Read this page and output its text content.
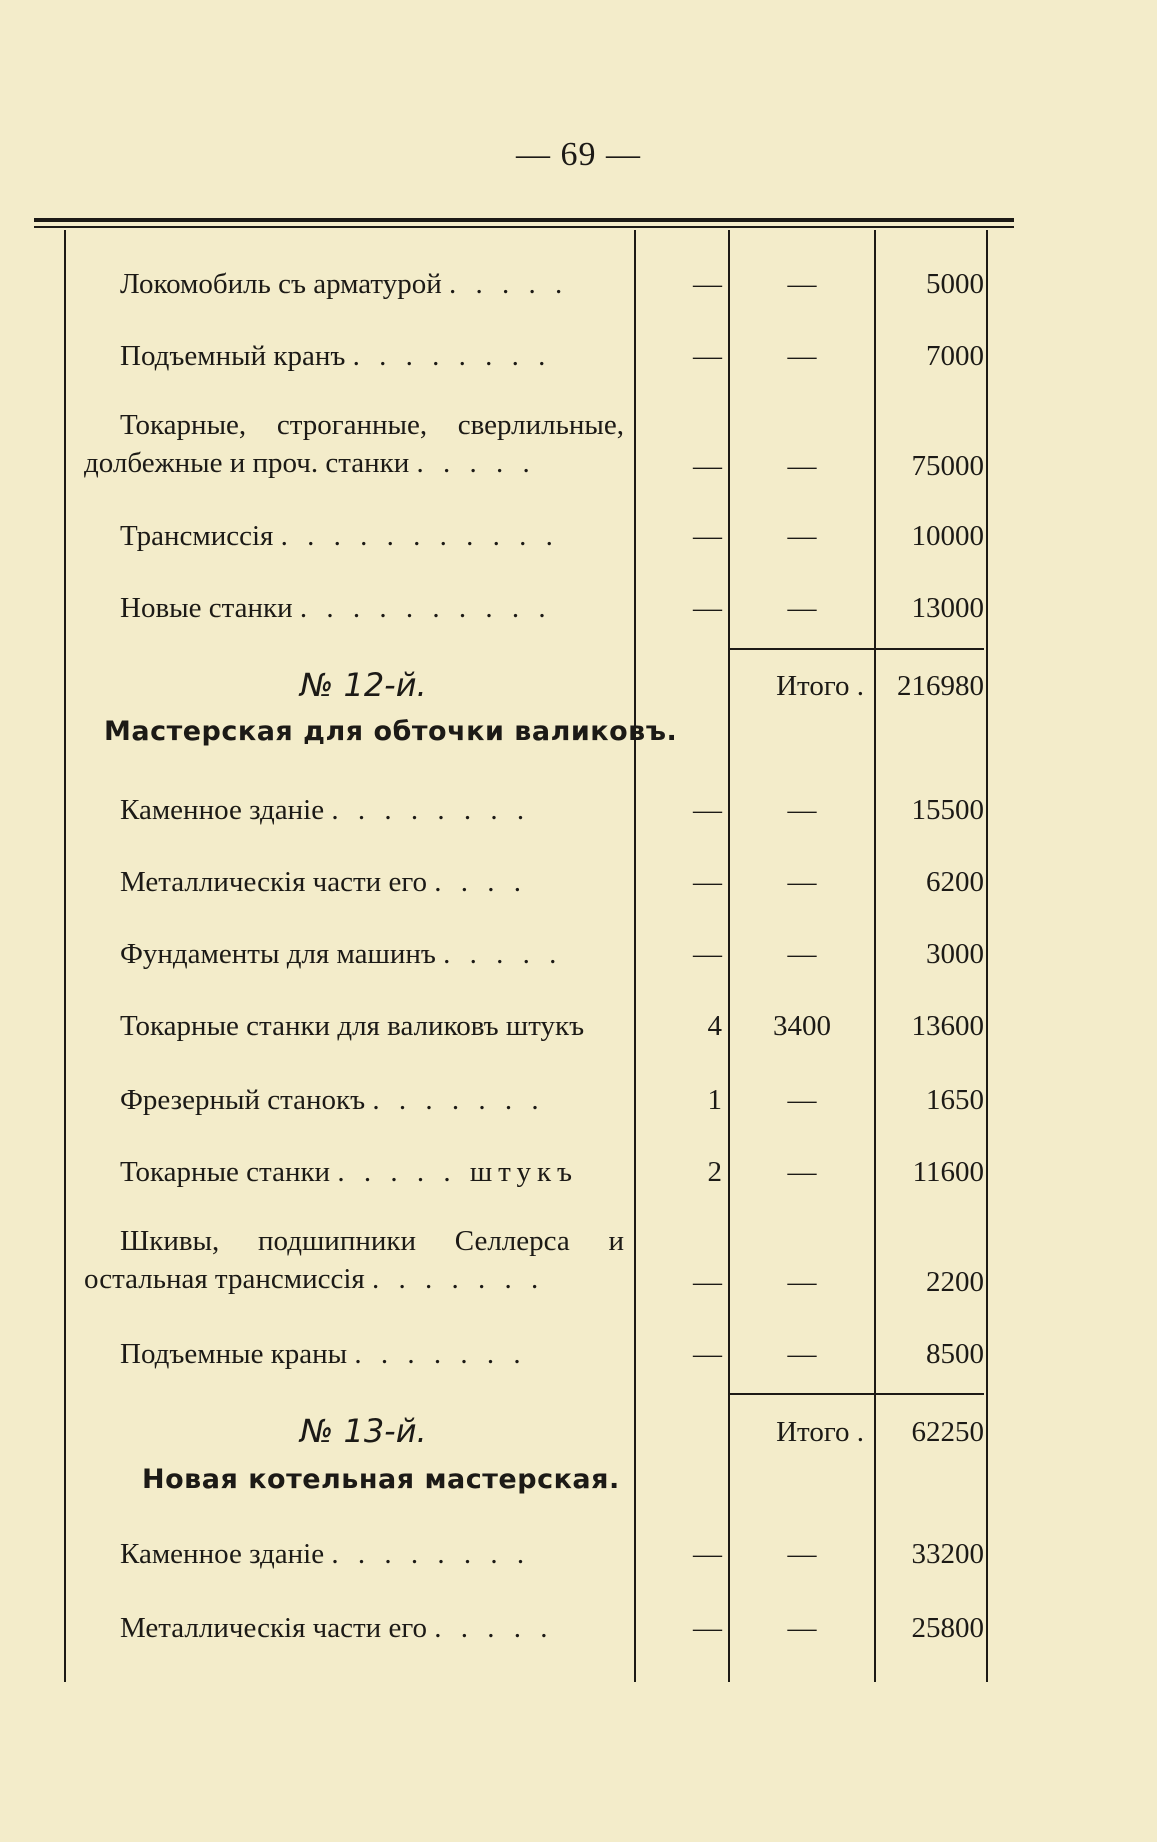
— 69 —
Локомобиль съ арматурой . . . . .	—	—	5000
Подъемный кранъ . . . . . . . .	—	—	7000
Токарные, строганные, сверлильные,
долбежные и проч. станки . . . . .	—	—	75000
Трансмиссія . . . . . . . . . . .	—	—	10000
Новые станки . . . . . . . . . .	—	—	13000
№ 12-й.	Итого .	216980
Мастерская для обточки валиковъ.
Каменное зданіе . . . . . . . .	—	—	15500
Металлическія части его . . . .	—	—	6200
Фундаменты для машинъ . . . . .	—	—	3000
Токарные станки для валиковъ штукъ	4	3400	13600
Фрезерный станокъ . . . . . . .	1	—	1650
Токарные станки . . . . . штукъ	2	—	11600
Шкивы, подшипники Селлерса и
остальная трансмиссія . . . . . . .	—	—	2200
Подъемные краны . . . . . . .	—	—	8500
№ 13-й.	Итого .	62250
Новая котельная мастерская.
Каменное зданіе . . . . . . . .	—	—	33200
Металлическія части его . . . . .	—	—	25800
